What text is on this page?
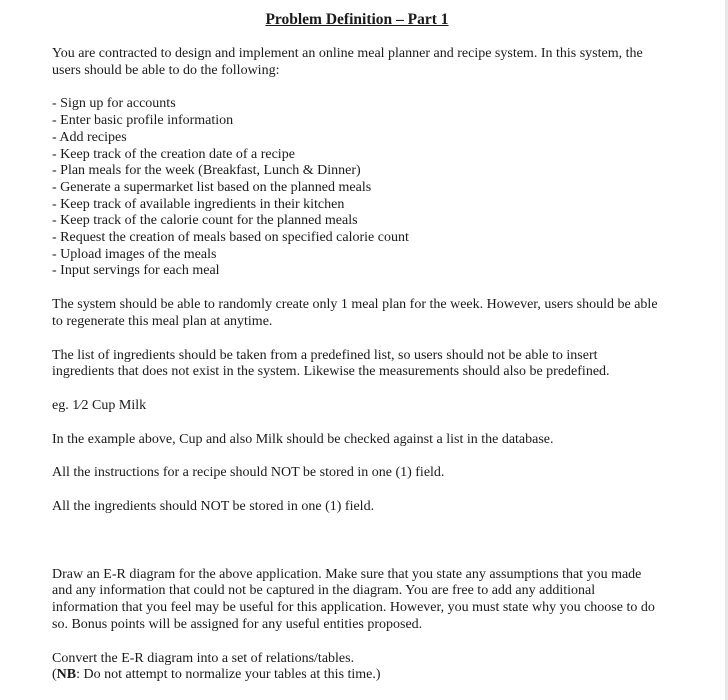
Problem Definition – Part 1

You are contracted to design and implement an online meal planner and recipe system. In this system, the users should be able to do the following:

- Sign up for accounts
- Enter basic profile information
- Add recipes
- Keep track of the creation date of a recipe
- Plan meals for the week (Breakfast, Lunch & Dinner)
- Generate a supermarket list based on the planned meals
- Keep track of available ingredients in their kitchen
- Keep track of the calorie count for the planned meals
- Request the creation of meals based on specified calorie count
- Upload images of the meals
- Input servings for each meal

The system should be able to randomly create only 1 meal plan for the week. However, users should be able to regenerate this meal plan at anytime.

The list of ingredients should be taken from a predefined list, so users should not be able to insert ingredients that does not exist in the system. Likewise the measurements should also be predefined.

eg. 1⁄2 Cup Milk

In the example above, Cup and also Milk should be checked against a list in the database.

All the instructions for a recipe should NOT be stored in one (1) field.

All the ingredients should NOT be stored in one (1) field.

Draw an E-R diagram for the above application. Make sure that you state any assumptions that you made and any information that could not be captured in the diagram. You are free to add any additional information that you feel may be useful for this application. However, you must state why you choose to do so. Bonus points will be assigned for any useful entities proposed.

Convert the E-R diagram into a set of relations/tables.

(NB: Do not attempt to normalize your tables at this time.)
